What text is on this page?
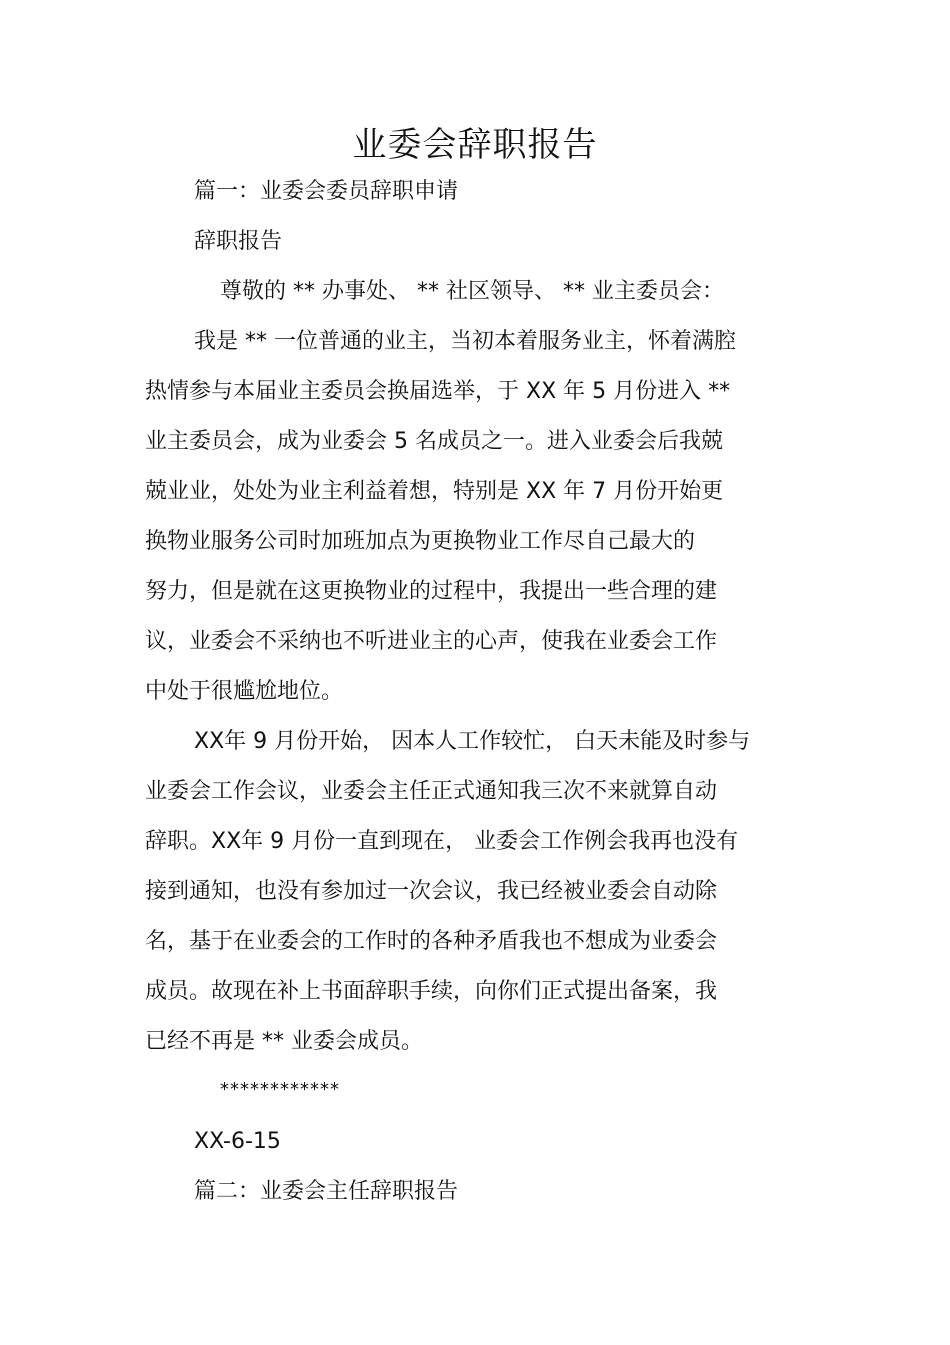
业委会辞职报告
篇一：业委会委员辞职申请
辞职报告
尊敬的 ** 办事处、 ** 社区领导、 ** 业主委员会：
我是 ** 一位普通的业主，当初本着服务业主，怀着满腔
热情参与本届业主委员会换届选举，于 XX 年 5 月份进入 **
业主委员会，成为业委会 5 名成员之一。进入业委会后我兢
兢业业，处处为业主利益着想，特别是 XX 年 7 月份开始更
换物业服务公司时加班加点为更换物业工作尽自己最大的
努力，但是就在这更换物业的过程中，我提出一些合理的建
议，业委会不采纳也不听进业主的心声，使我在业委会工作
中处于很尴尬地位。
XX年 9 月份开始， 因本人工作较忙， 白天未能及时参与
业委会工作会议，业委会主任正式通知我三次不来就算自动
辞职。XX年 9 月份一直到现在， 业委会工作例会我再也没有
接到通知，也没有参加过一次会议，我已经被业委会自动除
名，基于在业委会的工作时的各种矛盾我也不想成为业委会
成员。故现在补上书面辞职手续，向你们正式提出备案，我
已经不再是 ** 业委会成员。
************
XX-6-15
篇二：业委会主任辞职报告
